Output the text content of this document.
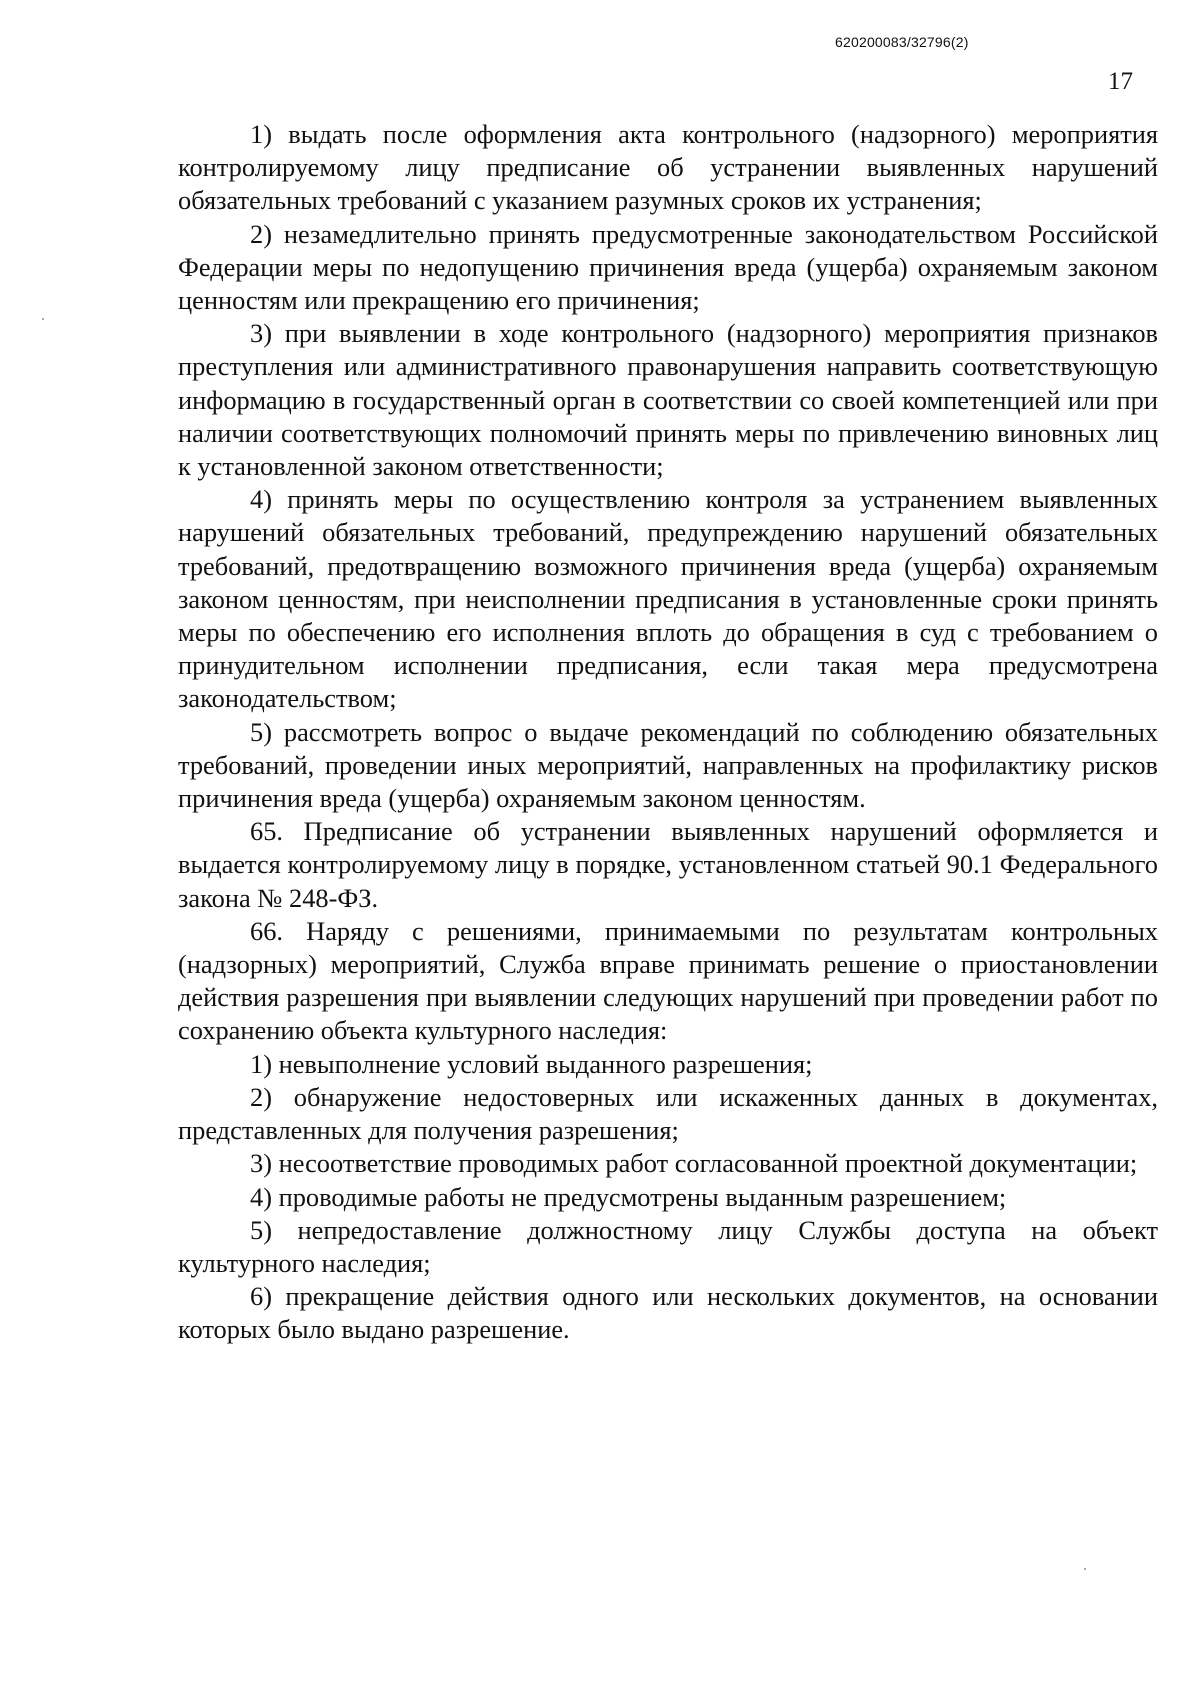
620200083/32796(2)
17

1) выдать после оформления акта контрольного (надзорного) мероприятия контролируемому лицу предписание об устранении выявленных нарушений обязательных требований с указанием разумных сроков их устранения;

2) незамедлительно принять предусмотренные законодательством Российской Федерации меры по недопущению причинения вреда (ущерба) охраняемым законом ценностям или прекращению его причинения;

3) при выявлении в ходе контрольного (надзорного) мероприятия признаков преступления или административного правонарушения направить соответствующую информацию в государственный орган в соответствии со своей компетенцией или при наличии соответствующих полномочий принять меры по привлечению виновных лиц к установленной законом ответственности;

4) принять меры по осуществлению контроля за устранением выявленных нарушений обязательных требований, предупреждению нарушений обязательных требований, предотвращению возможного причинения вреда (ущерба) охраняемым законом ценностям, при неисполнении предписания в установленные сроки принять меры по обеспечению его исполнения вплоть до обращения в суд с требованием о принудительном исполнении предписания, если такая мера предусмотрена законодательством;

5) рассмотреть вопрос о выдаче рекомендаций по соблюдению обязательных требований, проведении иных мероприятий, направленных на профилактику рисков причинения вреда (ущерба) охраняемым законом ценностям.

65. Предписание об устранении выявленных нарушений оформляется и выдается контролируемому лицу в порядке, установленном статьей 90.1 Федерального закона № 248-ФЗ.

66. Наряду с решениями, принимаемыми по результатам контрольных (надзорных) мероприятий, Служба вправе принимать решение о приостановлении действия разрешения при выявлении следующих нарушений при проведении работ по сохранению объекта культурного наследия:

1) невыполнение условий выданного разрешения;

2) обнаружение недостоверных или искаженных данных в документах, представленных для получения разрешения;

3) несоответствие проводимых работ согласованной проектной документации;

4) проводимые работы не предусмотрены выданным разрешением;

5) непредоставление должностному лицу Службы доступа на объект культурного наследия;

6) прекращение действия одного или нескольких документов, на основании которых было выдано разрешение.
